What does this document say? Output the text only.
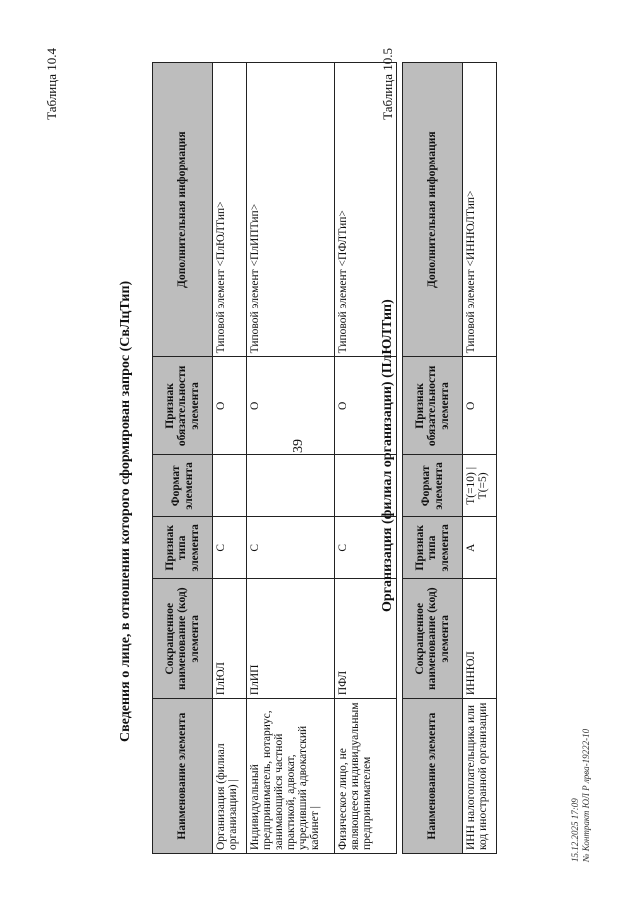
39
Таблица 10.4
Сведения о лице, в отношении которого сформирован запрос (СвЛцТип)
Наименование элемента	Сокращенное наименование (код) элемента	Признак типа элемента	Формат элемента	Признак обязательности элемента	Дополнительная информация
Организация (филиал организации) |	ПлЮЛ	С		О	Типовой элемент <ПлЮЛТип>
Индивидуальный предприниматель, нотариус, занимающийся частной практикой, адвокат, учредивший адвокатский кабинет |	ПлИП	С		О	Типовой элемент <ПлИПТип>
Физическое лицо, не являющееся индивидуальным предпринимателем	ПФЛ	С		О	Типовой элемент <ПФЛТип>
Таблица 10.5
Организация (филиал организации) (ПлЮЛТип)
Наименование элемента	Сокращенное наименование (код) элемента	Признак типа элемента	Формат элемента	Признак обязательности элемента	Дополнительная информация
ИНН налогоплательщика или код иностранной организации	ИННЮЛ	А	T(=10) | T(=5)	О	Типовой элемент <ИННЮЛТип>
15.12.2025 17:09 № Контракт ЮЛ Р лрва-19222-10
